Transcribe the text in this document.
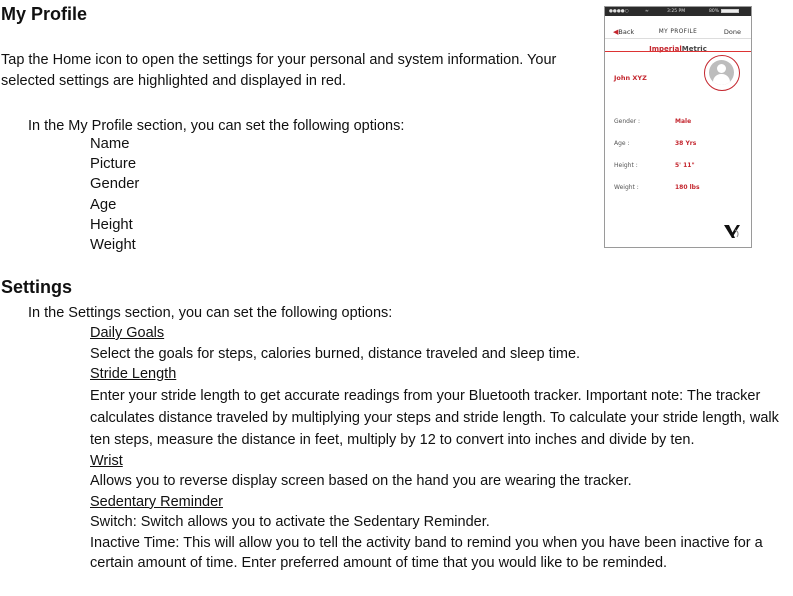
My Profile

Tap the Home icon to open the settings for your personal and system information. Your
selected settings are highlighted and displayed in red.

In the My Profile section, you can set the following options:

Name
Picture
Gender
Age
Height
Weight
Settings

In the Settings section, you can set the following options:

Daily Goals
Select the goals for steps, calories burned, distance traveled and sleep time.
Stride Length
Enter your stride length to get accurate readings from your Bluetooth tracker. Important note: The tracker calculates distance traveled by multiplying your steps and stride length. To calculate your stride length, walk ten steps, measure the distance in feet, multiply by 12 to convert into inches and divide by ten.
Wrist
Allows you to reverse display screen based on the hand you are wearing the tracker.
Sedentary Reminder
Switch: Switch allows you to activate the Sedentary Reminder.
Inactive Time: This will allow you to tell the activity band to remind you when you have been inactive for a certain amount of time. Enter preferred amount of time that you would like to be reminded.
●●●●○	≈	3:25 PM	80%
◀Back	MY PROFILE	Done
ImperialMetric
John XYZ
Gender :	Male
Age :	38 Yrs
Height :	5' 11"
Weight :	180 lbs
